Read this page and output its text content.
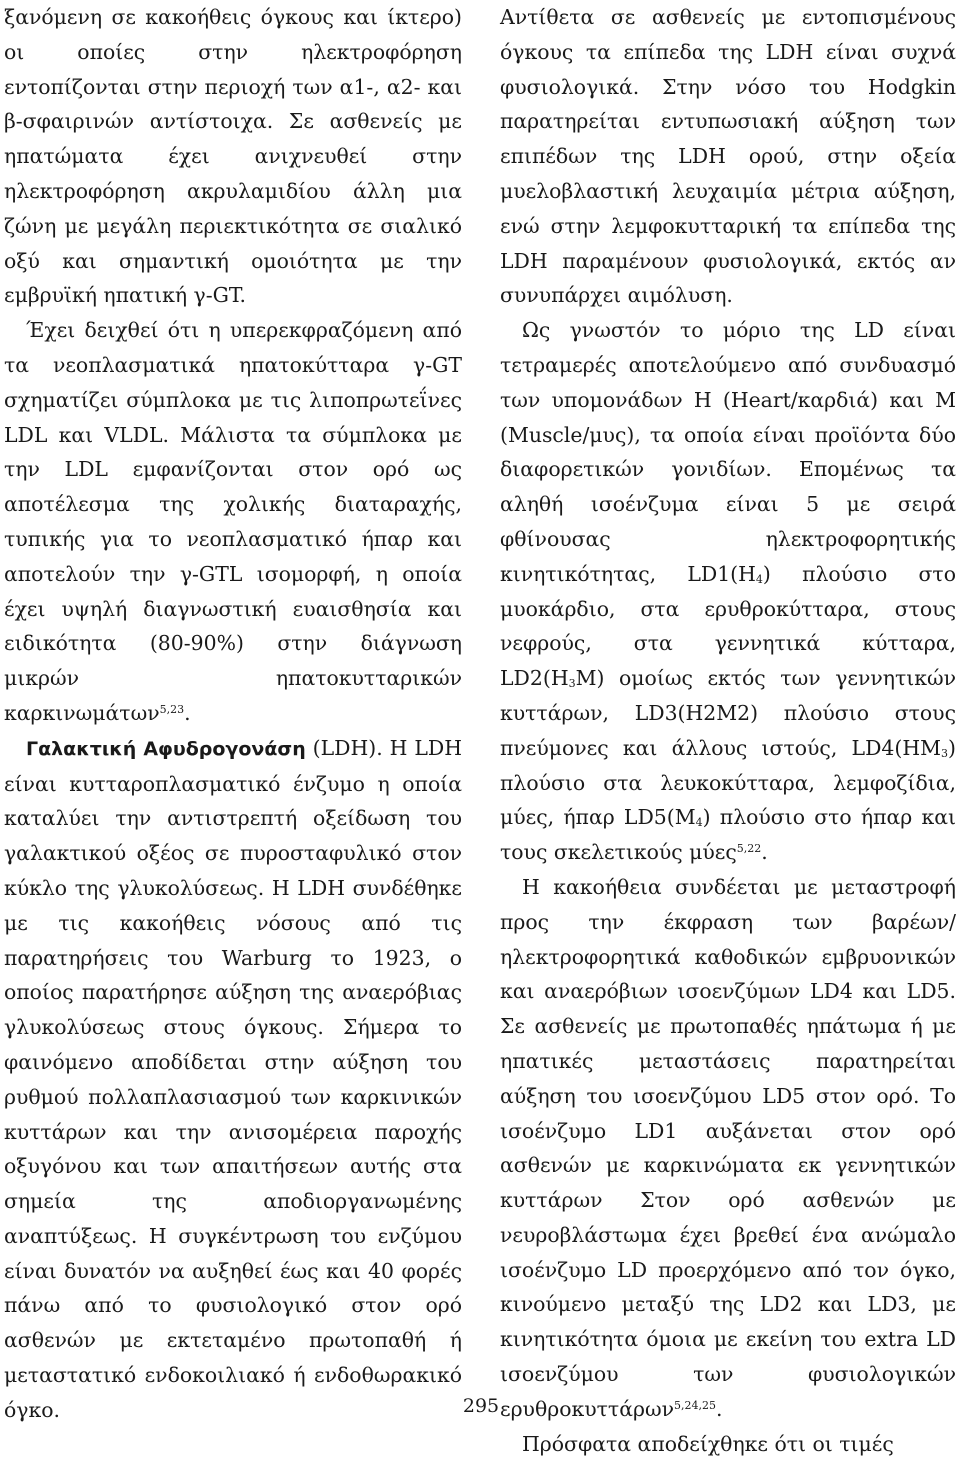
ξανόμενη σε κακοήθεις όγκους και ίκτερο) οι οποίες στην ηλεκτροφόρηση εντοπίζονται στην περιοχή των α1-, α2- και β-σφαιρινών αντίστοιχα. Σε ασθενείς με ηπατώματα έχει ανιχνευθεί στην ηλεκτροφόρηση ακρυλαμιδίου άλλη μια ζώνη με μεγάλη περιεκτικότητα σε σιαλικό οξύ και σημαντική ομοιότητα με την εμβρυϊκή ηπατική γ-GT.

Έχει δειχθεί ότι η υπερεκφραζόμενη από τα νεοπλασματικά ηπατοκύτταρα γ-GT σχηματίζει σύμπλοκα με τις λιποπρωτεΐνες LDL και VLDL. Μάλιστα τα σύμπλοκα με την LDL εμφανίζονται στον ορό ως αποτέλεσμα της χολικής διαταραχής, τυπικής για το νεοπλασματικό ήπαρ και αποτελούν την γ-GTL ισομορφή, η οποία έχει υψηλή διαγνωστική ευαισθησία και ειδικότητα (80-90%) στην διάγνωση μικρών ηπατοκυτταρικών καρκινωμάτων$^{5,23}$.

Γαλακτική Αφυδρογονάση (LDH). Η LDH είναι κυτταροπλασματικό ένζυμο η οποία καταλύει την αντιστρεπτή οξείδωση του γαλακτικού οξέος σε πυροσταφυλικό στον κύκλο της γλυκολύσεως. Η LDH συνδέθηκε με τις κακοήθεις νόσους από τις παρατηρήσεις του Warburg το 1923, ο οποίος παρατήρησε αύξηση της αναερόβιας γλυκολύσεως στους όγκους. Σήμερα το φαινόμενο αποδίδεται στην αύξηση του ρυθμού πολλαπλασιασμού των καρκινικών κυττάρων και την ανισομέρεια παροχής οξυγόνου και των απαιτήσεων αυτής στα σημεία της αποδιοργανωμένης αναπτύξεως. Η συγκέντρωση του ενζύμου είναι δυνατόν να αυξηθεί έως και 40 φορές πάνω από το φυσιολογικό στον ορό ασθενών με εκτεταμένο πρωτοπαθή ή μεταστατικό ενδοκοιλιακό ή ενδοθωρακικό όγκο.

Αντίθετα σε ασθενείς με εντοπισμένους όγκους τα επίπεδα της LDH είναι συχνά φυσιολογικά. Στην νόσο του Hodgkin παρατηρείται εντυπωσιακή αύξηση των επιπέδων της LDH ορού, στην οξεία μυελοβλαστική λευχαιμία μέτρια αύξηση, ενώ στην λεμφοκυτταρική τα επίπεδα της LDH παραμένουν φυσιολογικά, εκτός αν συνυπάρχει αιμόλυση.

Ως γνωστόν το μόριο της LD είναι τετραμερές αποτελούμενο από συνδυασμό των υπομονάδων Η (Heart/καρδιά) και Μ (Muscle/μυς), τα οποία είναι προϊόντα δύο διαφορετικών γονιδίων. Επομένως τα αληθή ισοένζυμα είναι 5 με σειρά φθίνουσας ηλεκτροφορητικής κινητικότητας, $LD1(H_4)$ πλούσιο στο μυοκάρδιο, στα ερυθροκύτταρα, στους νεφρούς, στα γεννητικά κύτταρα, $LD2(H_3M)$ ομοίως εκτός των γεννητικών κυττάρων, LD3(H2M2) πλούσιο στους πνεύμονες και άλλους ιστούς, $LD4(HM_3)$ πλούσιο στα λευκοκύτταρα, λεμφοζίδια, μύες, ήπαρ $LD5(M_4)$ πλούσιο στο ήπαρ και τους σκελετικούς μύες$^{5,22}$.

Η κακοήθεια συνδέεται με μεταστροφή προς την έκφραση των βαρέων/ηλεκτροφορητικά καθοδικών εμβρυονικών και αναερόβιων ισοενζύμων LD4 και LD5. Σε ασθενείς με πρωτοπαθές ηπάτωμα ή με ηπατικές μεταστάσεις παρατηρείται αύξηση του ισοενζύμου LD5 στον ορό. Το ισοένζυμο LD1 αυξάνεται στον ορό ασθενών με καρκινώματα εκ γεννητικών κυττάρων Στον ορό ασθενών με νευροβλάστωμα έχει βρεθεί ένα ανώμαλο ισοένζυμο LD προερχόμενο από τον όγκο, κινούμενο μεταξύ της LD2 και LD3, με κινητικότητα όμοια με εκείνη του extra LD ισοενζύμου των φυσιολογικών ερυθροκυττάρων$^{5,24,25}$.

Πρόσφατα αποδείχθηκε ότι οι τιμές

295
